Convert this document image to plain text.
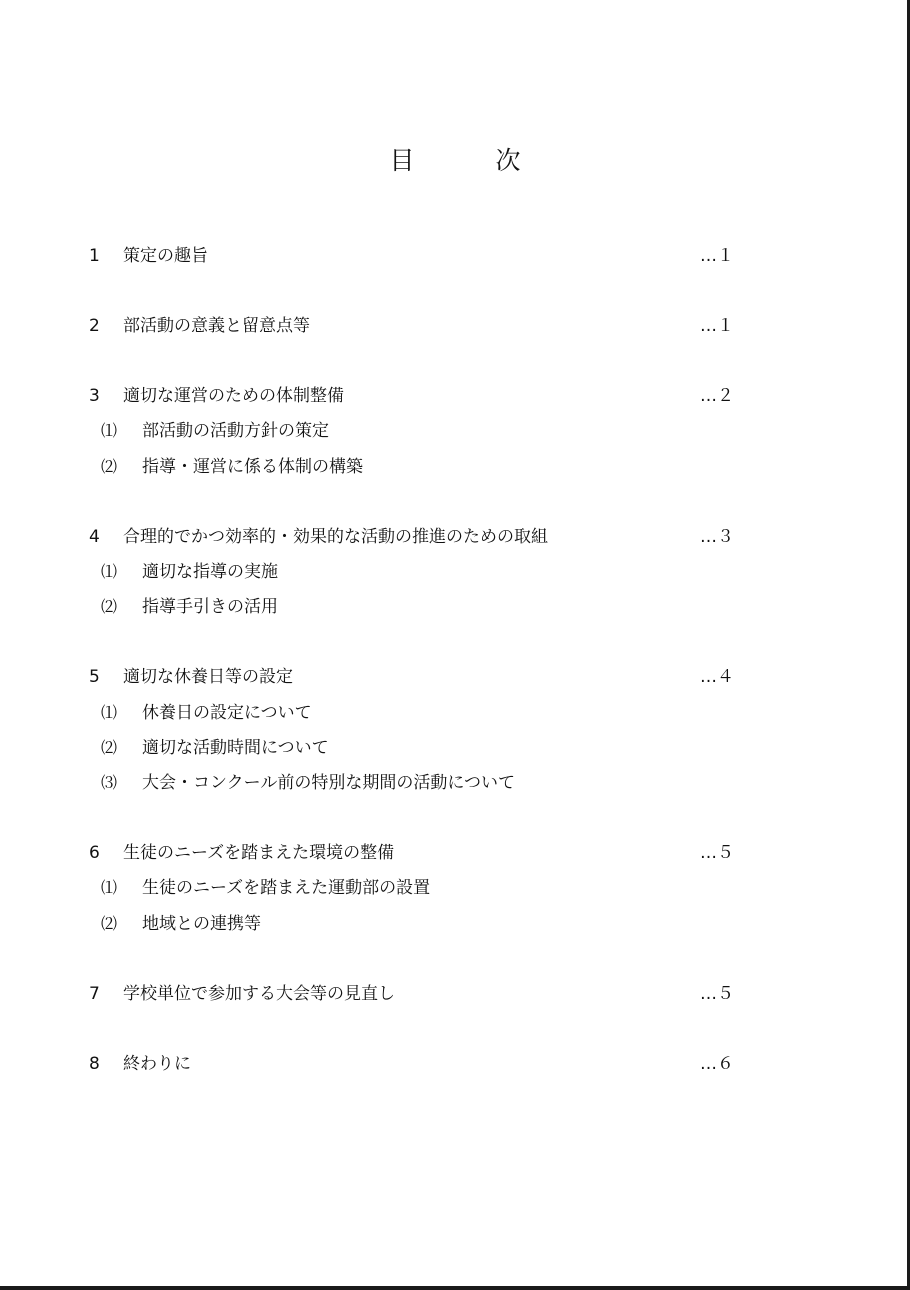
目　次
1	策定の趣旨	…１
2	部活動の意義と留意点等	…１
3	適切な運営のための体制整備	…２
⑴	部活動の活動方針の策定
⑵	指導・運営に係る体制の構築
4	合理的でかつ効率的・効果的な活動の推進のための取組	…３
⑴	適切な指導の実施
⑵	指導手引きの活用
5	適切な休養日等の設定	…４
⑴	休養日の設定について
⑵	適切な活動時間について
⑶	大会・コンクール前の特別な期間の活動について
6	生徒のニーズを踏まえた環境の整備	…５
⑴	生徒のニーズを踏まえた運動部の設置
⑵	地域との連携等
7	学校単位で参加する大会等の見直し	…５
8	終わりに	…６
